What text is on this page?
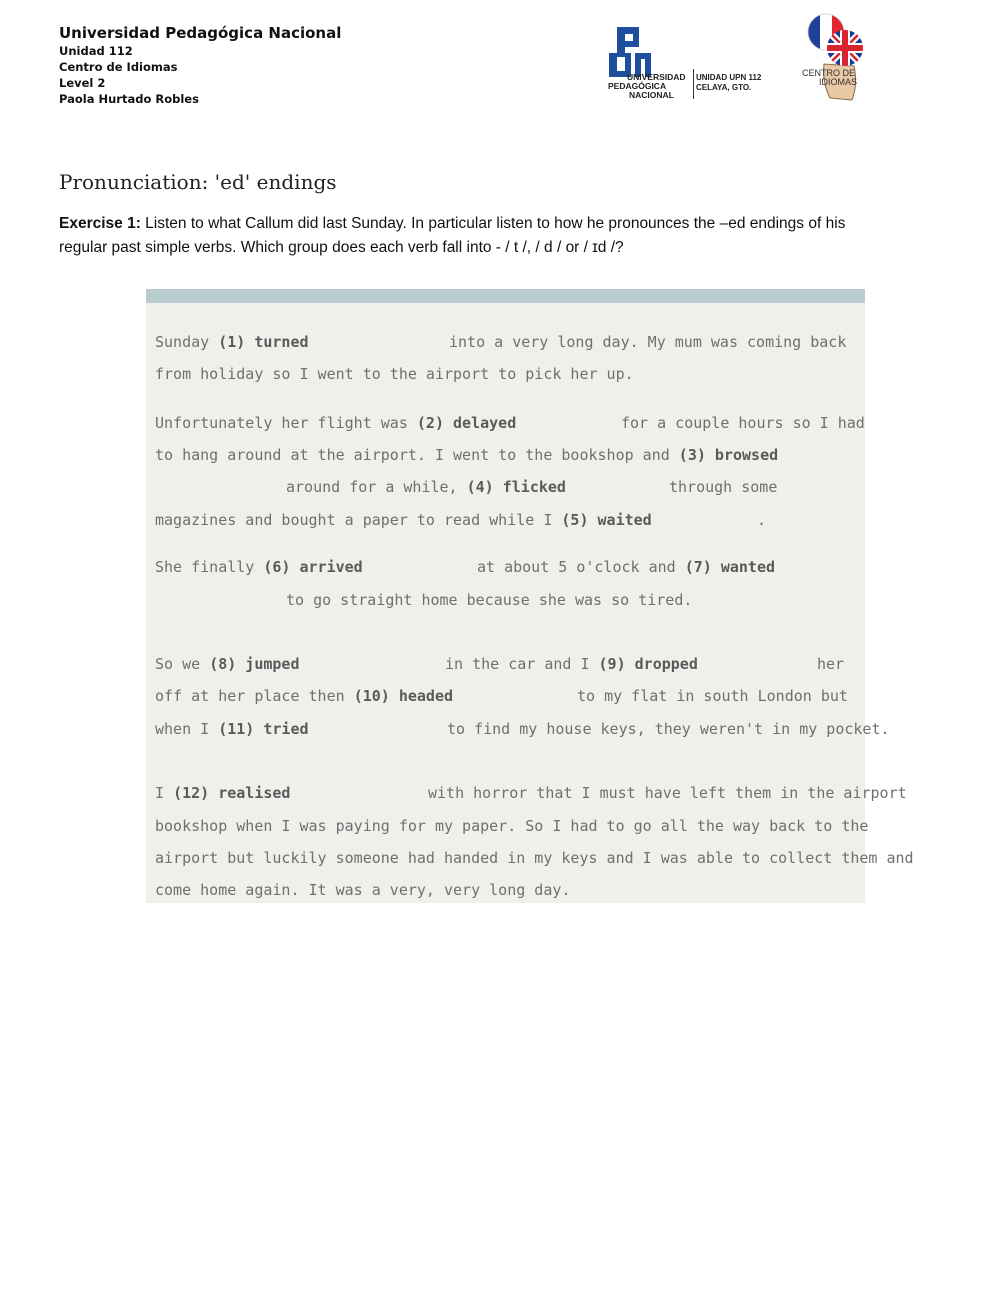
Universidad Pedagógica Nacional
Unidad 112
Centro de Idiomas
Level 2
Paola Hurtado Robles
UNIVERSIDAD
PEDAGÓGICA
NACIONAL
UNIDAD UPN 112
CELAYA, GTO.
CENTRO DE
IDIOMAS
Pronunciation: 'ed' endings
Exercise 1: Listen to what Callum did last Sunday. In particular listen to how he pronounces the –ed endings of his
regular past simple verbs. Which group does each verb fall into - / t /, / d / or / ɪd /?
Sunday (1) turned	into a very long day. My mum was coming back
from holiday so I went to the airport to pick her up.
Unfortunately her flight was (2) delayed	for a couple hours so I had
to hang around at the airport. I went to the bookshop and (3) browsed
around for a while, (4) flicked	through some
magazines and bought a paper to read while I (5) waited	.
She finally (6) arrived	at about 5 o'clock and (7) wanted
to go straight home because she was so tired.
So we (8) jumped	in the car and I (9) dropped	her
off at her place then (10) headed	to my flat in south London but
when I (11) tried	to find my house keys, they weren't in my pocket.
I (12) realised	with horror that I must have left them in the airport
bookshop when I was paying for my paper. So I had to go all the way back to the
airport but luckily someone had handed in my keys and I was able to collect them and
come home again. It was a very, very long day.
